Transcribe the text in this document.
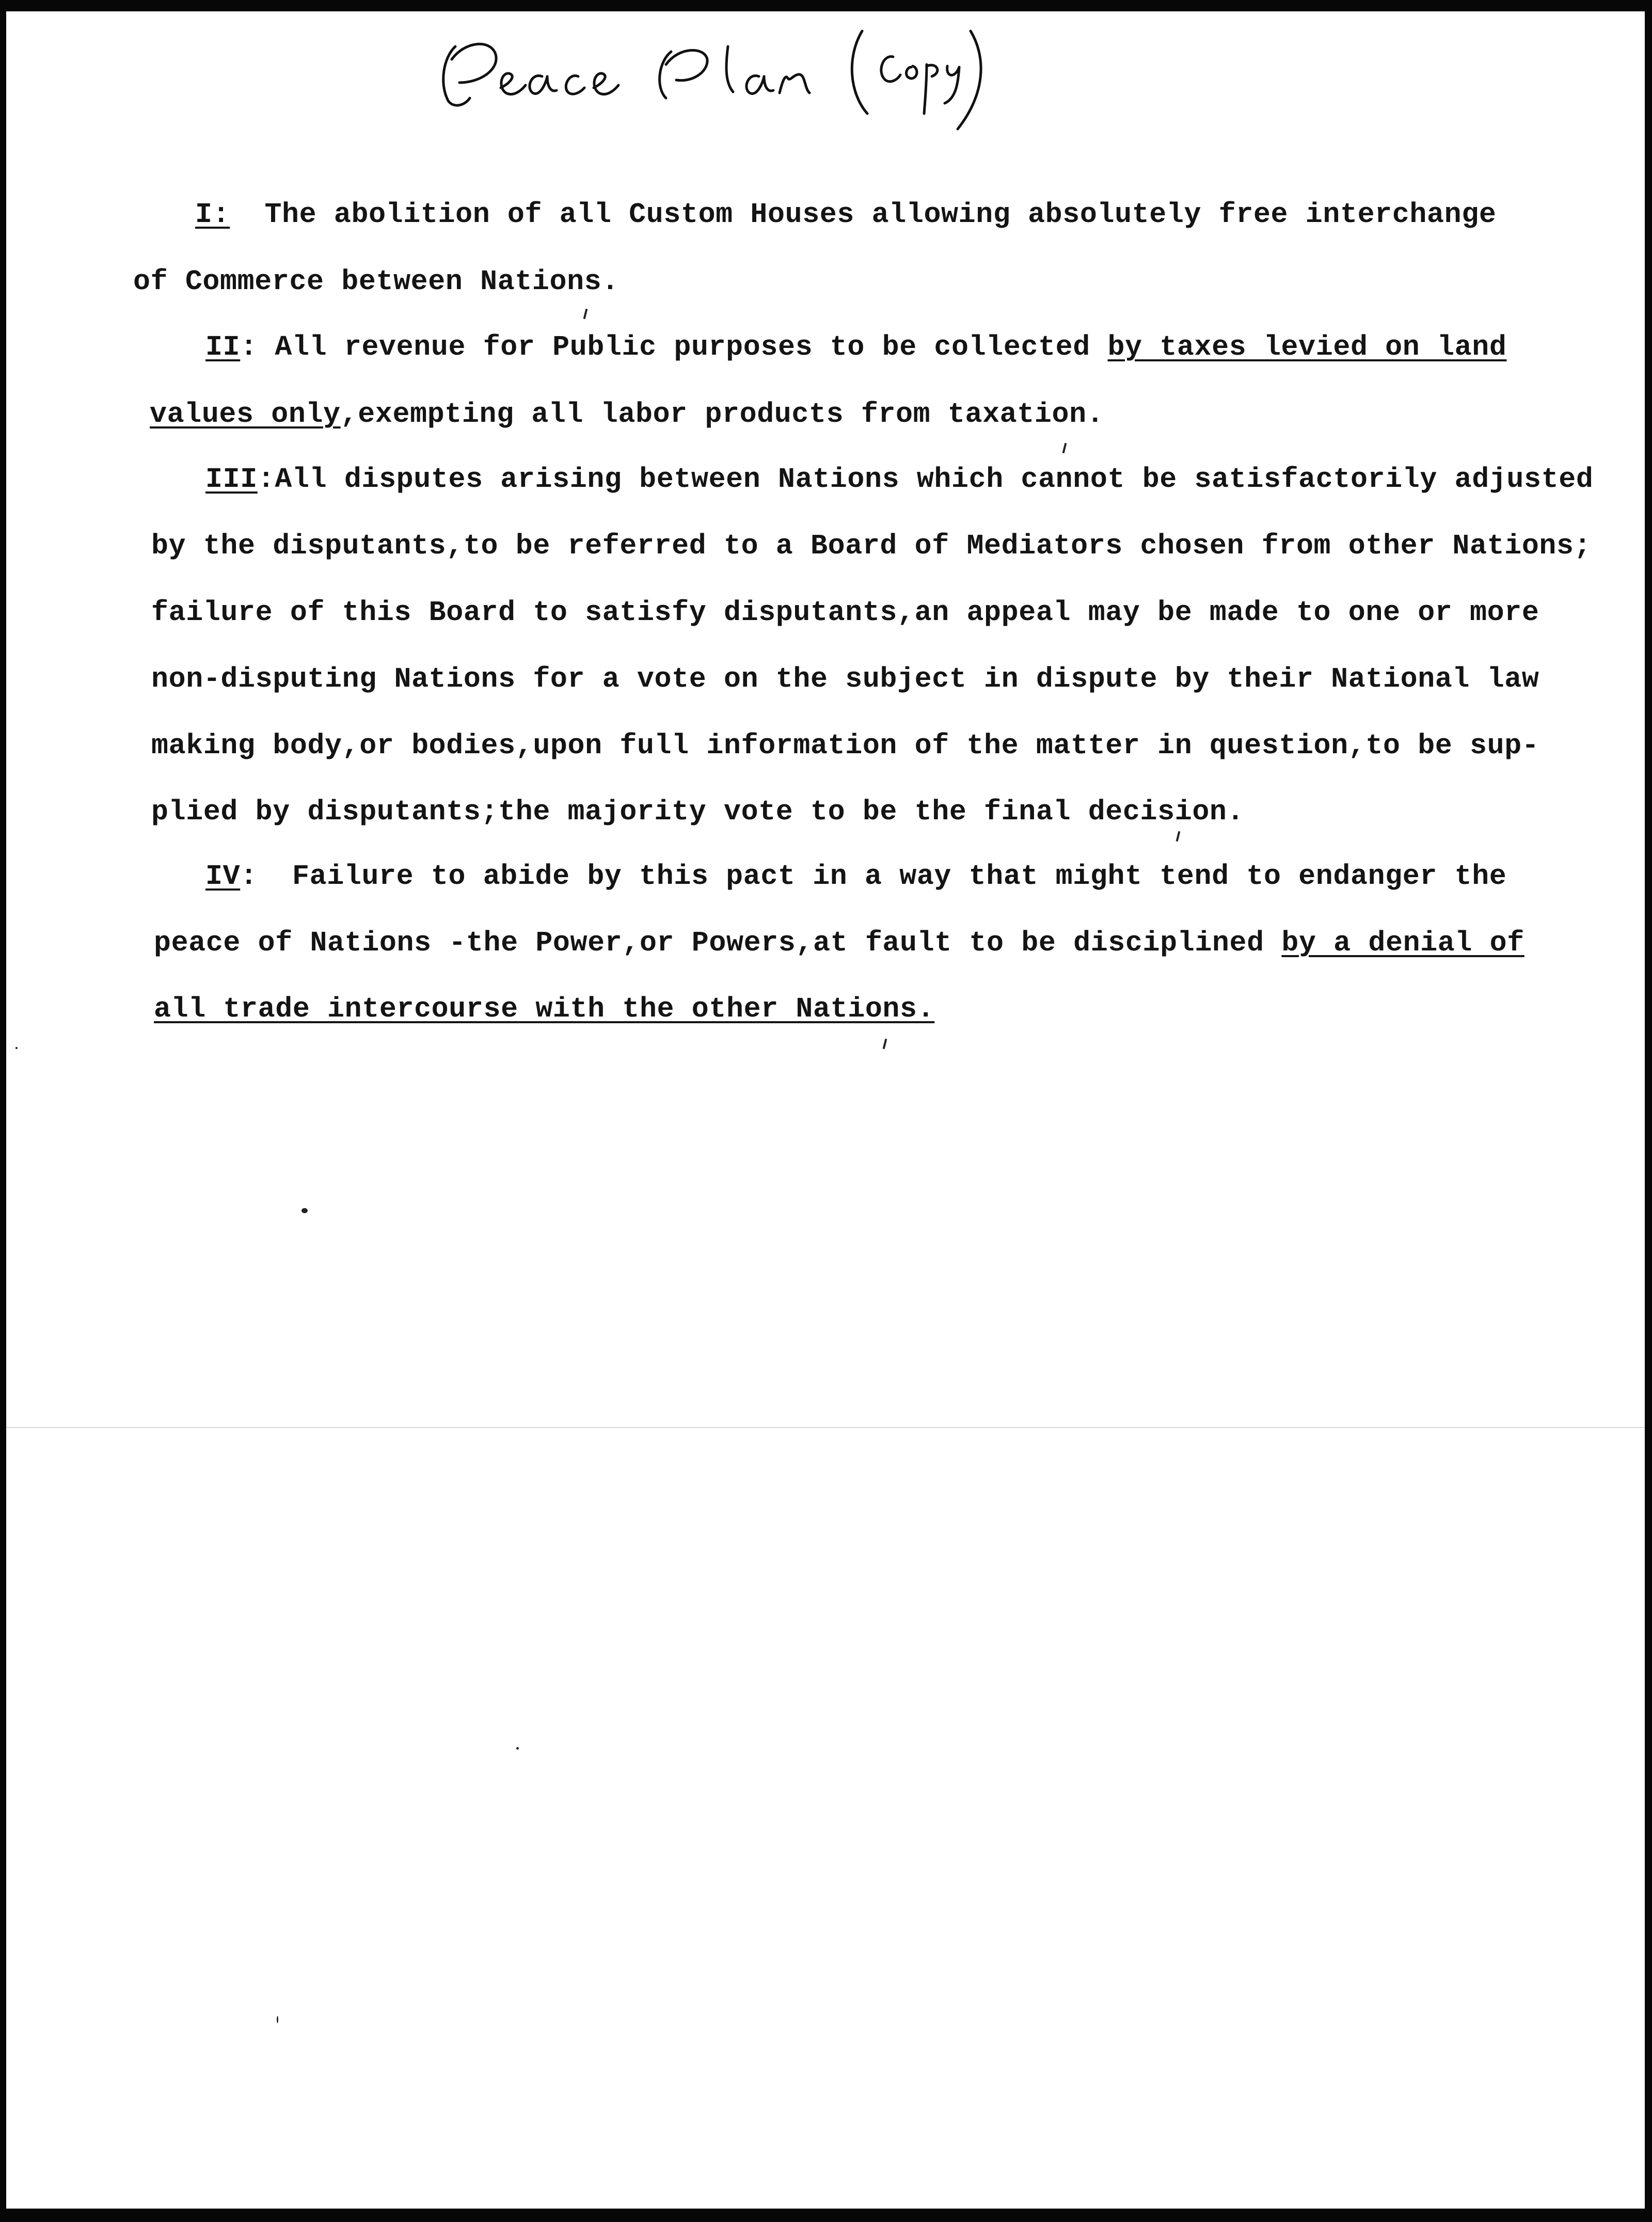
I: The abolition of all Custom Houses allowing absolutely free interchange
of Commerce between Nations.
II: All revenue for Public purposes to be collected by taxes levied on land
values only,exempting all labor products from taxation.
III:All disputes arising between Nations which cannot be satisfactorily adjusted
by the disputants,to be referred to a Board of Mediators chosen from other Nations;
failure of this Board to satisfy disputants,an appeal may be made to one or more
non-disputing Nations for a vote on the subject in dispute by their National law
making body,or bodies,upon full information of the matter in question,to be sup-
plied by disputants;the majority vote to be the final decision.
IV:  Failure to abide by this pact in a way that might tend to endanger the
peace of Nations -the Power,or Powers,at fault to be disciplined by a denial of
all trade intercourse with the other Nations.
